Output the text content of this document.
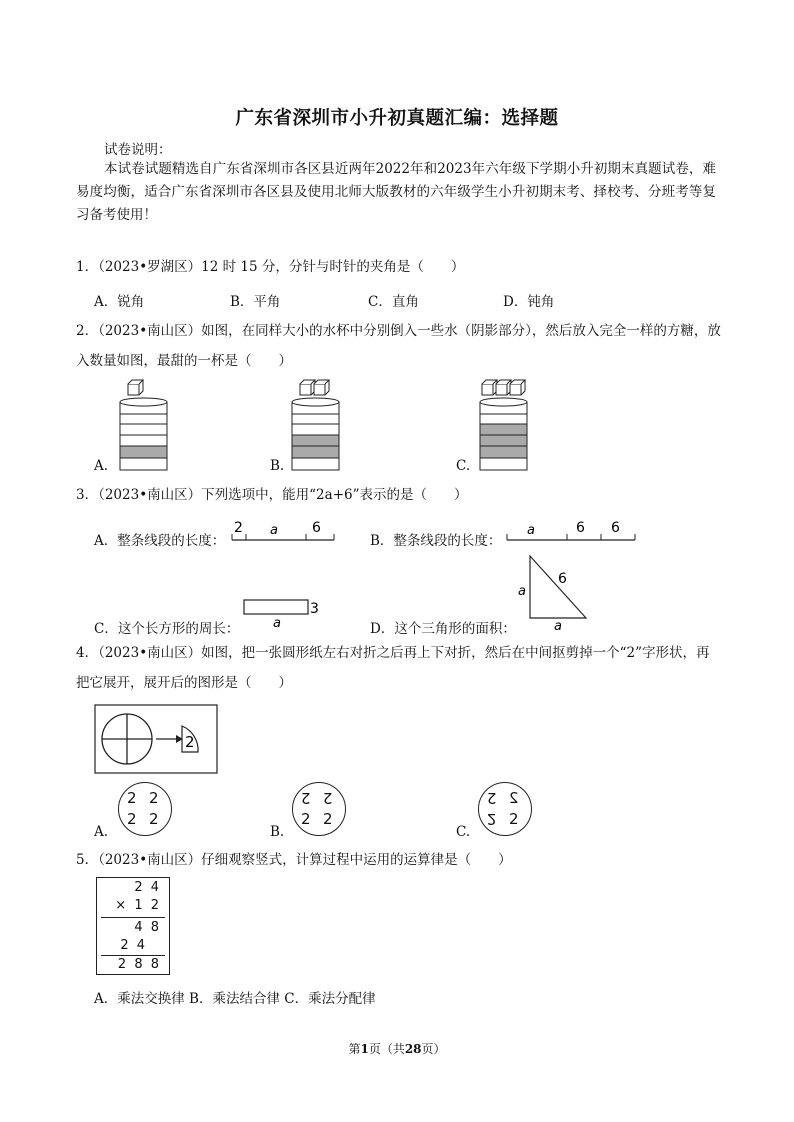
广东省深圳市小升初真题汇编：选择题
试卷说明：
本试卷试题精选自广东省深圳市各区县近两年2022年和2023年六年级下学期小升初期末真题试卷，难易度均衡，适合广东省深圳市各区县及使用北师大版教材的六年级学生小升初期末考、择校考、分班考等复习备考使用！
1．（2023•罗湖区）12 时 15 分，分针与时针的夹角是（　　）
A．锐角	B．平角	C．直角	D．钝角
2．（2023•南山区）如图，在同样大小的水杯中分别倒入一些水（阴影部分），然后放入完全一样的方糖，放入数量如图，最甜的一杯是（　　）
A.	B.	C.
3．（2023•南山区）下列选项中，能用“2a+6”表示的是（　　）
A．整条线段的长度：
2 a 6
B．整条线段的长度：
a	6 6
C．这个长方形的周长：
3
a	D．这个三角形的面积：
a
6
a
4．（2023•南山区）如图，把一张圆形纸左右对折之后再上下对折，然后在中间抠剪掉一个“2”字形状，再把它展开，展开后的图形是（　　）
2
A.
2 2
2 2
B.
2 2
2 2
C.
2 2
2 2
5．（2023•南山区）仔细观察竖式，计算过程中运用的运算律是（　　）
2 4
× 1 2
4 8
2 4
2 8 8
A．乘法交换律 B．乘法结合律 C．乘法分配律
第1页（共28页）
